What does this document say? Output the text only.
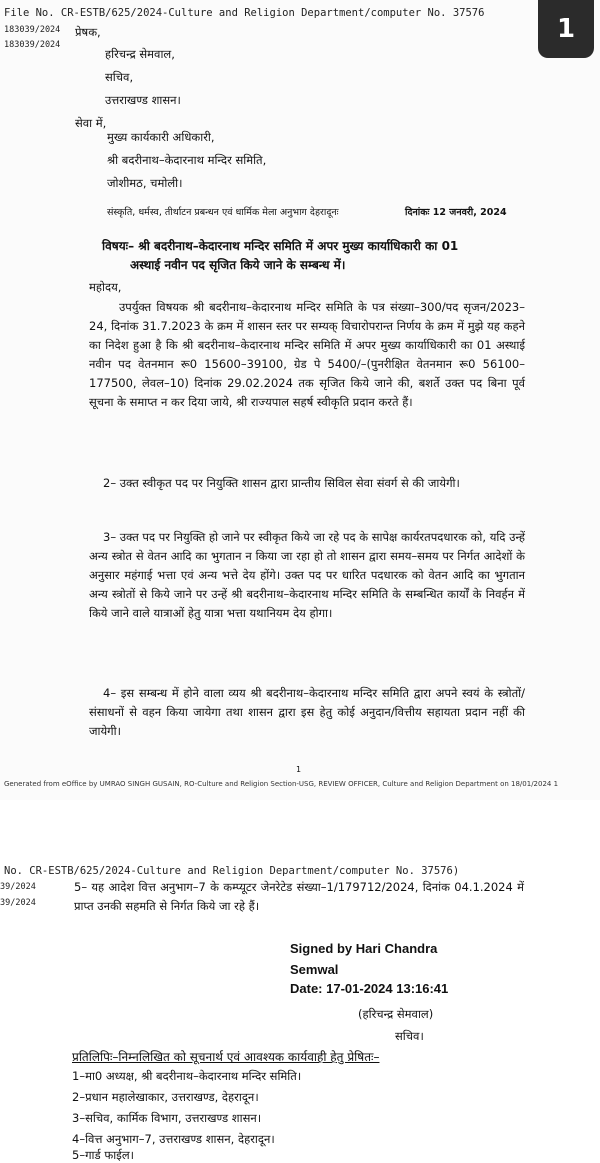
File No. CR-ESTB/625/2024-Culture and Religion Department/computer No. 37576
183039/2024
183039/2024
प्रेषक,
हरिचन्द्र सेमवाल,
सचिव,
उत्तराखण्ड शासन।
सेवा में,
मुख्य कार्यकारी अधिकारी,
श्री बदरीनाथ–केदारनाथ मन्दिर समिति,
जोशीमठ, चमोली।
संस्कृति, धर्मस्व, तीर्थाटन प्रबन्धन एवं धार्मिक मेला अनुभाग देहरादूनः	दिनांकः 12 जनवरी, 2024
विषयः– श्री बदरीनाथ–केदारनाथ मन्दिर समिति में अपर मुख्य कार्याधिकारी का 01
अस्थाई नवीन पद सृजित किये जाने के सम्बन्ध में।
महोदय,
उपर्युक्त विषयक श्री बदरीनाथ–केदारनाथ मन्दिर समिति के पत्र संख्या–300/पद सृजन/2023–24, दिनांक 31.7.2023 के क्रम में शासन स्तर पर सम्यक् विचारोपरान्त निर्णय के क्रम में मुझे यह कहने का निदेश हुआ है कि श्री बदरीनाथ–केदारनाथ मन्दिर समिति में अपर मुख्य कार्याधिकारी का 01 अस्थाई नवीन पद वेतनमान रू0 15600–39100, ग्रेड पे 5400/–(पुनरीक्षित वेतनमान रू0 56100–177500, लेवल–10) दिनांक 29.02.2024 तक सृजित किये जाने की, बशर्ते उक्त पद बिना पूर्व सूचना के समाप्त न कर दिया जाये, श्री राज्यपाल सहर्ष स्वीकृति प्रदान करते हैं।
2– उक्त स्वीकृत पद पर नियुक्ति शासन द्वारा प्रान्तीय सिविल सेवा संवर्ग से की जायेगी।
3– उक्त पद पर नियुक्ति हो जाने पर स्वीकृत किये जा रहे पद के सापेक्ष कार्यरतपदधारक को, यदि उन्हें अन्य स्त्रोत से वेतन आदि का भुगतान न किया जा रहा हो तो शासन द्वारा समय–समय पर निर्गत आदेशों के अनुसार महंगाई भत्ता एवं अन्य भत्ते देय होंगे। उक्त पद पर धारित पदधारक को वेतन आदि का भुगतान अन्य स्त्रोतों से किये जाने पर उन्हें श्री बदरीनाथ–केदारनाथ मन्दिर समिति के सम्बन्धित कार्यों के निवर्हन में किये जाने वाले यात्राओं हेतु यात्रा भत्ता यथानियम देय होगा।
4– इस सम्बन्ध में होने वाला व्यय श्री बदरीनाथ–केदारनाथ मन्दिर समिति द्वारा अपने स्वयं के स्त्रोतों/संसाधनों से वहन किया जायेगा तथा शासन द्वारा इस हेतु कोई अनुदान/वित्तीय सहायता प्रदान नहीं की जायेगी।
1
Generated from eOffice by UMRAO SINGH GUSAIN, RO-Culture and Religion Section-USG, REVIEW OFFICER, Culture and Religion Department on 18/01/2024 1
1
No. CR-ESTB/625/2024-Culture and Religion Department/computer No. 37576)
39/2024
39/2024
5– यह आदेश वित्त अनुभाग–7 के कम्प्यूटर जेनरेटेड संख्या–1/179712/2024, दिनांक 04.1.2024 में प्राप्त उनकी सहमति से निर्गत किये जा रहे हैं।
Signed by Hari Chandra
Semwal
Date: 17-01-2024 13:16:41
(हरिचन्द्र सेमवाल)
सचिव।
प्रतिलिपिः–निम्नलिखित को सूचनार्थ एवं आवश्यक कार्यवाही हेतु प्रेषितः–
1–मा0 अध्यक्ष, श्री बदरीनाथ–केदारनाथ मन्दिर समिति।
2–प्रधान महालेखाकार, उत्तराखण्ड, देहरादून।
3–सचिव, कार्मिक विभाग, उत्तराखण्ड शासन।
4–वित्त अनुभाग–7, उत्तराखण्ड शासन, देहरादून।
5–गार्ड फाईल।
